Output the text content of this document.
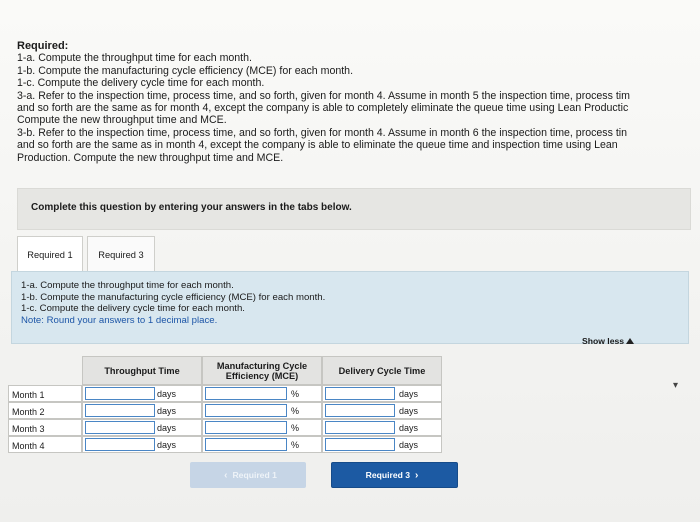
Required:
1-a. Compute the throughput time for each month.
1-b. Compute the manufacturing cycle efficiency (MCE) for each month.
1-c. Compute the delivery cycle time for each month.
3-a. Refer to the inspection time, process time, and so forth, given for month 4. Assume in month 5 the inspection time, process tim
and so forth are the same as for month 4, except the company is able to completely eliminate the queue time using Lean Productic
Compute the new throughput time and MCE.
3-b. Refer to the inspection time, process time, and so forth, given for month 4. Assume in month 6 the inspection time, process tin
and so forth are the same as in month 4, except the company is able to eliminate the queue time and inspection time using Lean
Production. Compute the new throughput time and MCE.
Complete this question by entering your answers in the tabs below.
Required 1	Required 3
1-a. Compute the throughput time for each month.
1-b. Compute the manufacturing cycle efficiency (MCE) for each month.
1-c. Compute the delivery cycle time for each month.
Note: Round your answers to 1 decimal place.
Show less
Throughput Time	Manufacturing Cycle
Efficiency (MCE)	Delivery Cycle Time
Month 1	days	%	days
Month 2	days	%	days
Month 3	days	%	days
Month 4	days	%	days
‹ Required 1	Required 3 ›
▾
